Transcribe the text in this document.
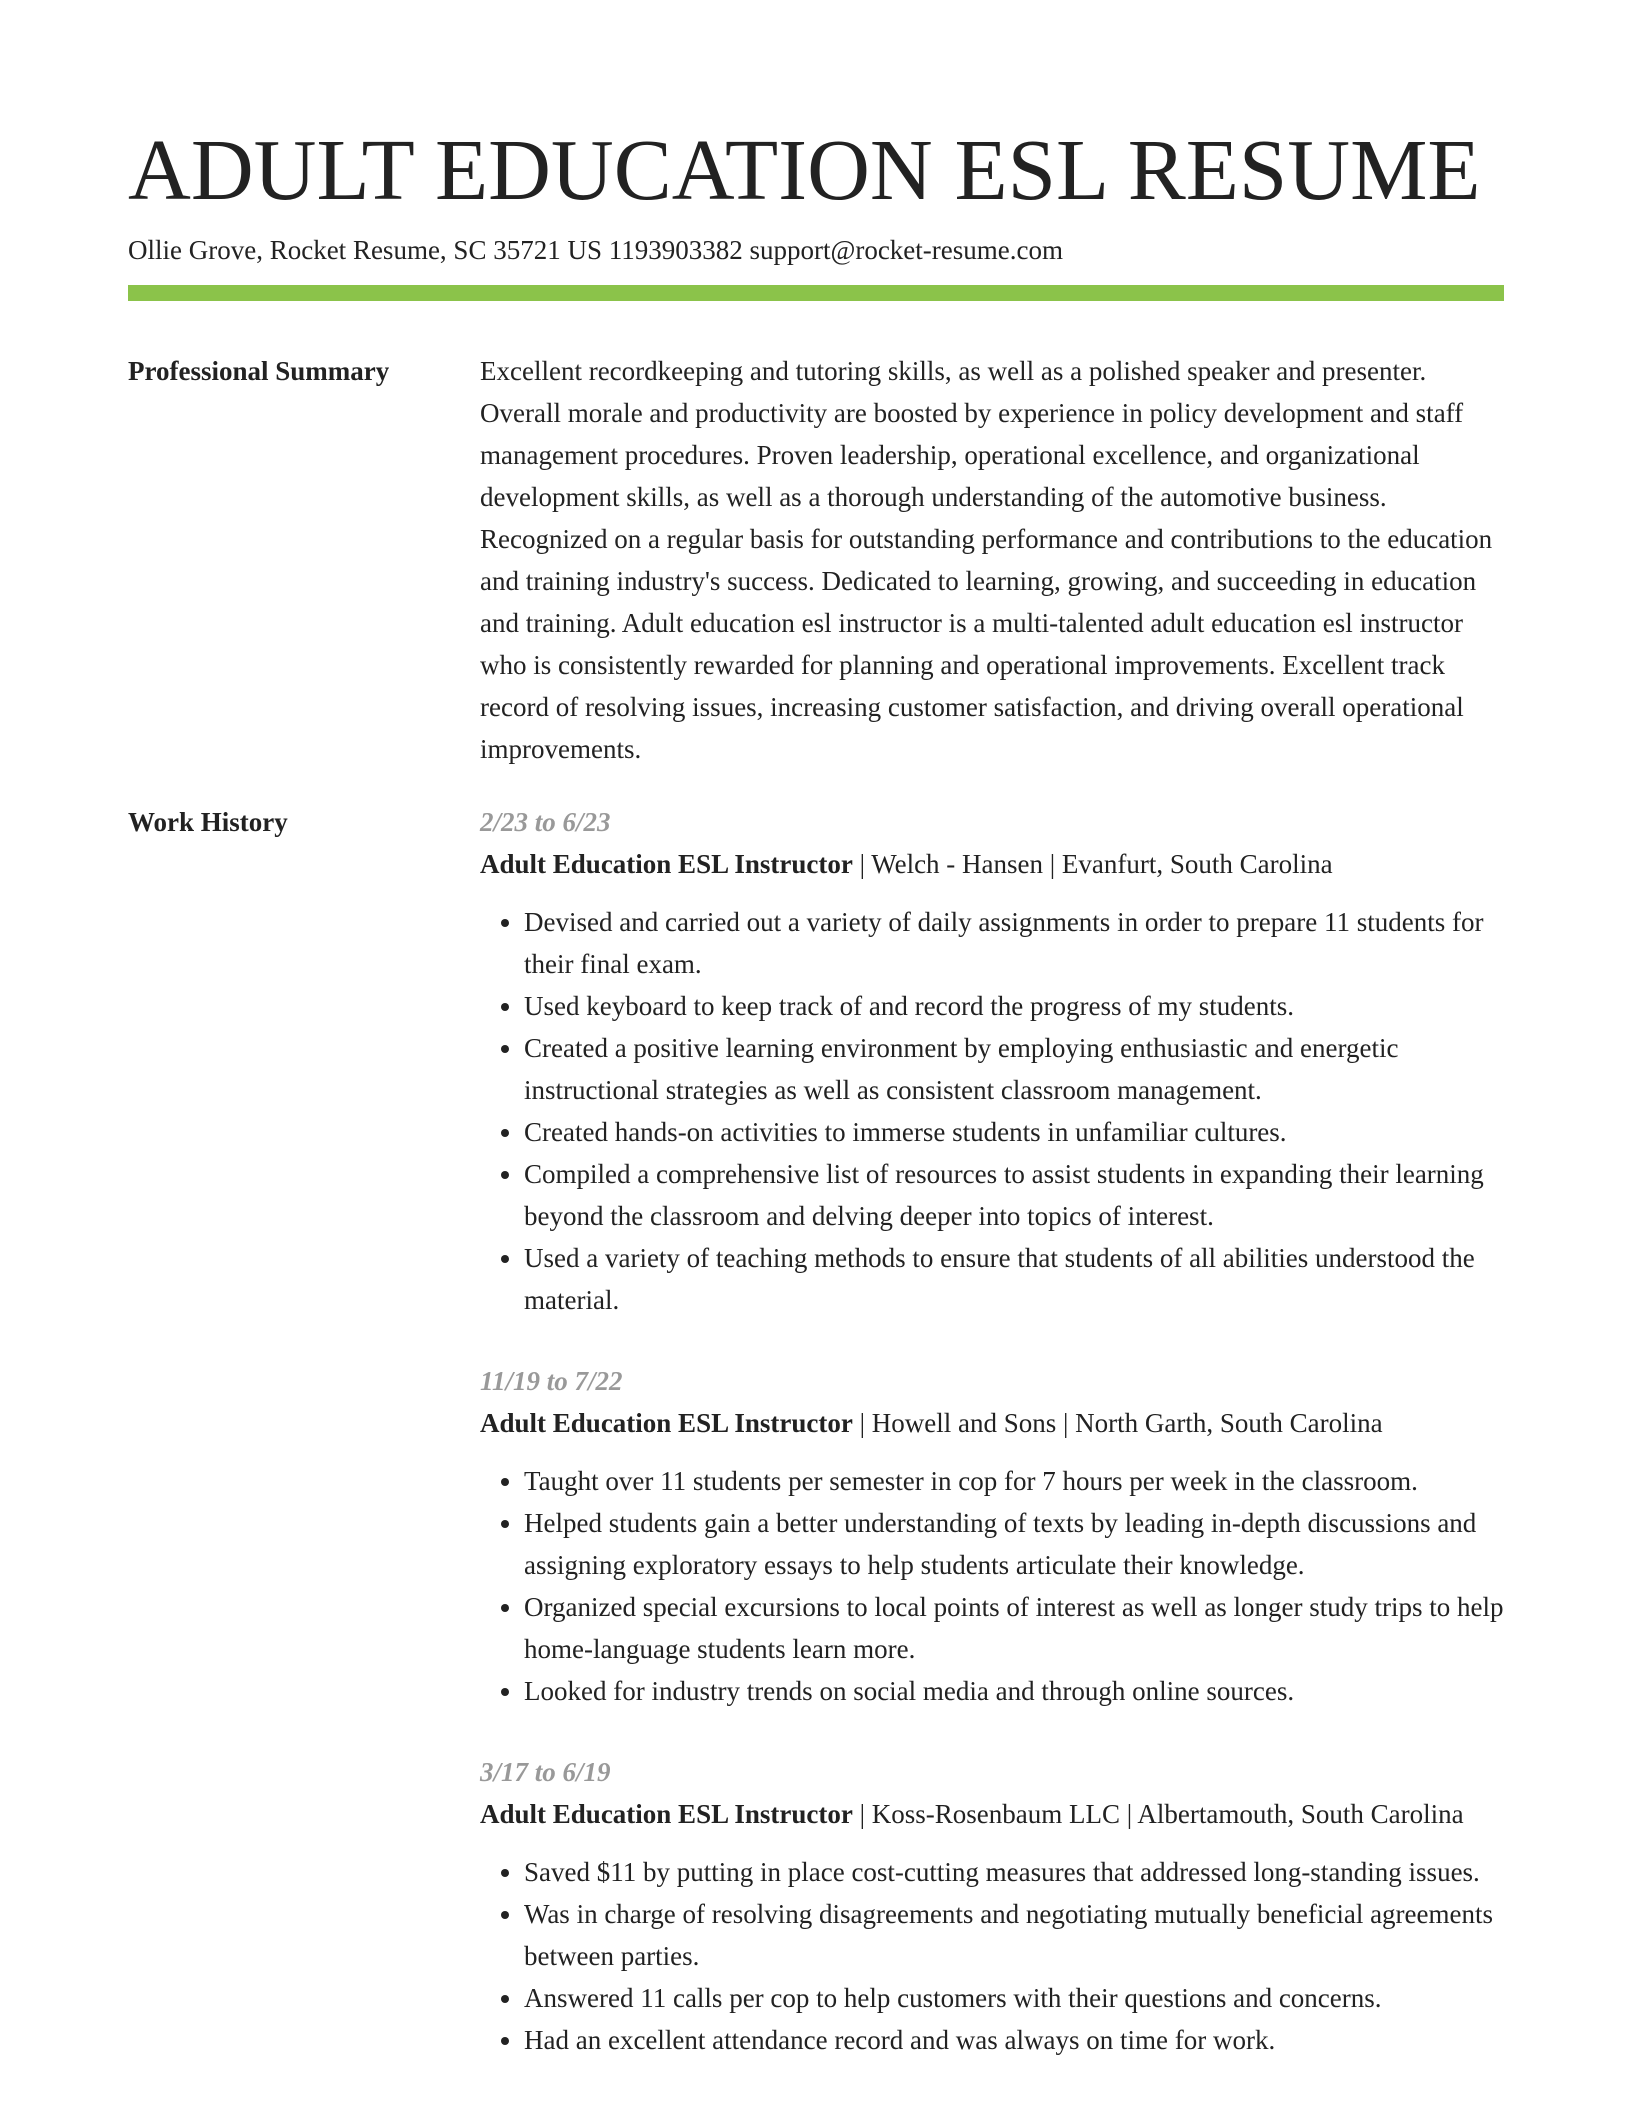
ADULT EDUCATION ESL RESUME
Ollie Grove, Rocket Resume, SC 35721 US 1193903382 support@rocket-resume.com
Professional Summary	Excellent recordkeeping and tutoring skills, as well as a polished speaker and presenter. Overall morale and productivity are boosted by experience in policy development and staff management procedures. Proven leadership, operational excellence, and organizational development skills, as well as a thorough understanding of the automotive business. Recognized on a regular basis for outstanding performance and contributions to the education and training industry's success. Dedicated to learning, growing, and succeeding in education and training. Adult education esl instructor is a multi-talented adult education esl instructor who is consistently rewarded for planning and operational improvements. Excellent track record of resolving issues, increasing customer satisfaction, and driving overall operational improvements.

Work History	2/23 to 6/23
Adult Education ESL Instructor | Welch - Hansen | Evanfurt, South Carolina
• Devised and carried out a variety of daily assignments in order to prepare 11 students for their final exam.
• Used keyboard to keep track of and record the progress of my students.
• Created a positive learning environment by employing enthusiastic and energetic instructional strategies as well as consistent classroom management.
• Created hands-on activities to immerse students in unfamiliar cultures.
• Compiled a comprehensive list of resources to assist students in expanding their learning beyond the classroom and delving deeper into topics of interest.
• Used a variety of teaching methods to ensure that students of all abilities understood the material.
11/19 to 7/22
Adult Education ESL Instructor | Howell and Sons | North Garth, South Carolina
• Taught over 11 students per semester in cop for 7 hours per week in the classroom.
• Helped students gain a better understanding of texts by leading in-depth discussions and assigning exploratory essays to help students articulate their knowledge.
• Organized special excursions to local points of interest as well as longer study trips to help home-language students learn more.
• Looked for industry trends on social media and through online sources.
3/17 to 6/19
Adult Education ESL Instructor | Koss-Rosenbaum LLC | Albertamouth, South Carolina
• Saved $11 by putting in place cost-cutting measures that addressed long-standing issues.
• Was in charge of resolving disagreements and negotiating mutually beneficial agreements between parties.
• Answered 11 calls per cop to help customers with their questions and concerns.
• Had an excellent attendance record and was always on time for work.
